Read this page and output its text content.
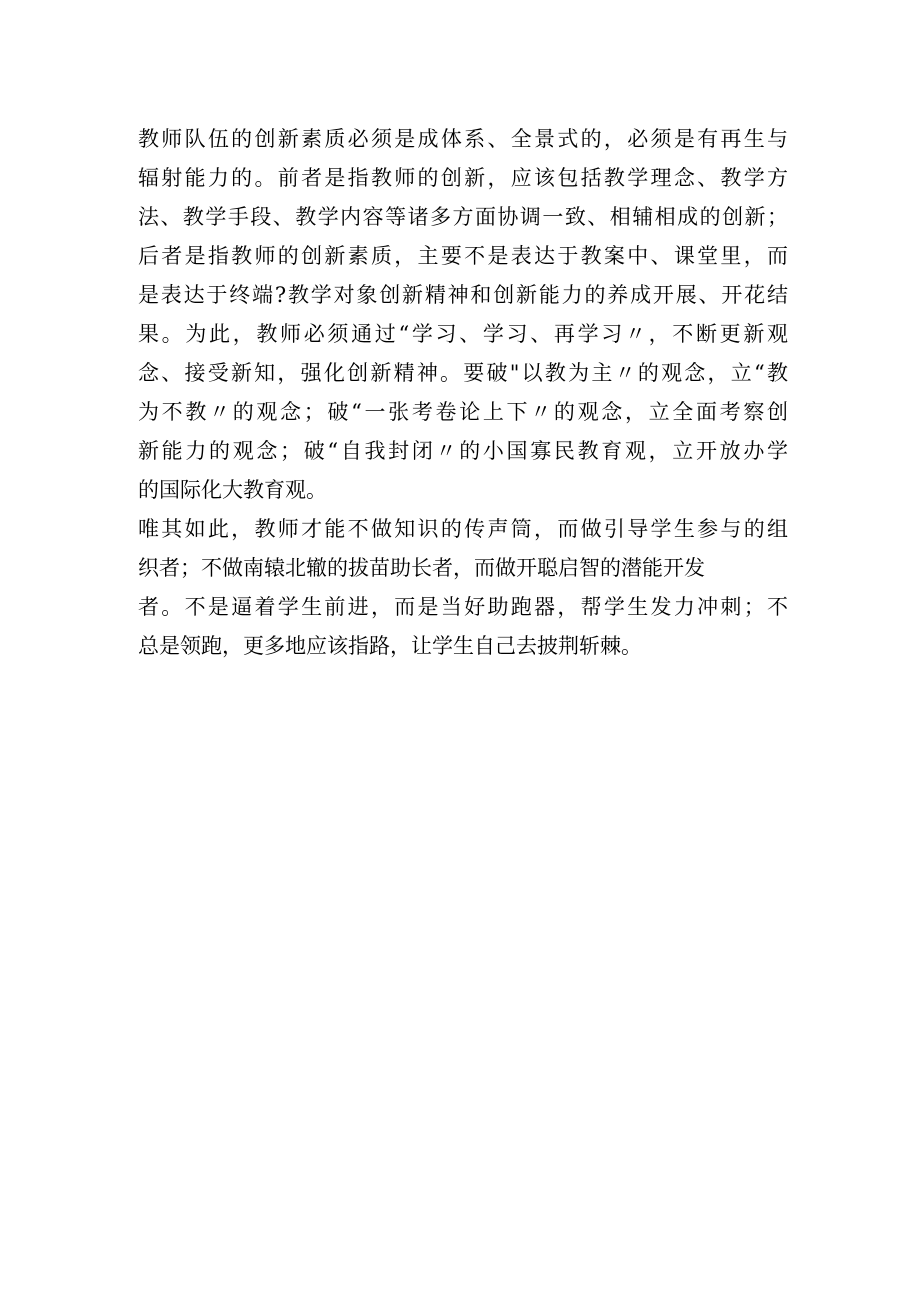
教师队伍的创新素质必须是成体系、全景式的，必须是有再生与
辐射能力的。前者是指教师的创新，应该包括教学理念、教学方
法、教学手段、教学内容等诸多方面协调一致、相辅相成的创新；
后者是指教师的创新素质，主要不是表达于教案中、课堂里，而
是表达于终端?教学对象创新精神和创新能力的养成开展、开花结
果。为此，教师必须通过“学习、学习、再学习〃，不断更新观
念、接受新知，强化创新精神。要破"以教为主〃的观念，立“教
为不教〃的观念；破“一张考卷论上下〃的观念，立全面考察创
新能力的观念；破“自我封闭〃的小国寡民教育观，立开放办学
的国际化大教育观。
唯其如此，教师才能不做知识的传声筒，而做引导学生参与的组
织者；不做南辕北辙的拔苗助长者，而做开聪启智的潜能开发
者。不是逼着学生前进，而是当好助跑器，帮学生发力冲刺；不
总是领跑，更多地应该指路，让学生自己去披荆斩棘。
